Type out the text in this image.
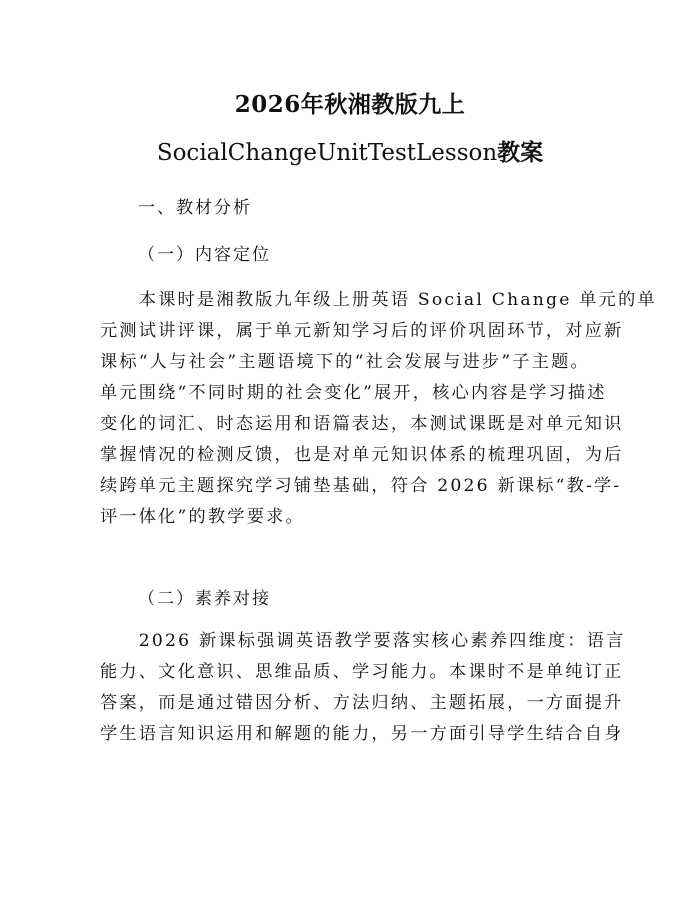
2026年秋湘教版九上
SocialChangeUnitTestLesson教案
一、教材分析
（一）内容定位
　　本课时是湘教版九年级上册英语 Social Change 单元的单
元测试讲评课，属于单元新知学习后的评价巩固环节，对应新
课标“人与社会”主题语境下的“社会发展与进步”子主题。
单元围绕“不同时期的社会变化”展开，核心内容是学习描述
变化的词汇、时态运用和语篇表达，本测试课既是对单元知识
掌握情况的检测反馈，也是对单元知识体系的梳理巩固，为后
续跨单元主题探究学习铺垫基础，符合 2026 新课标“教-学-
评一体化”的教学要求。
（二）素养对接
　　2026 新课标强调英语教学要落实核心素养四维度：语言
能力、文化意识、思维品质、学习能力。本课时不是单纯订正
答案，而是通过错因分析、方法归纳、主题拓展，一方面提升
学生语言知识运用和解题的能力，另一方面引导学生结合自身
